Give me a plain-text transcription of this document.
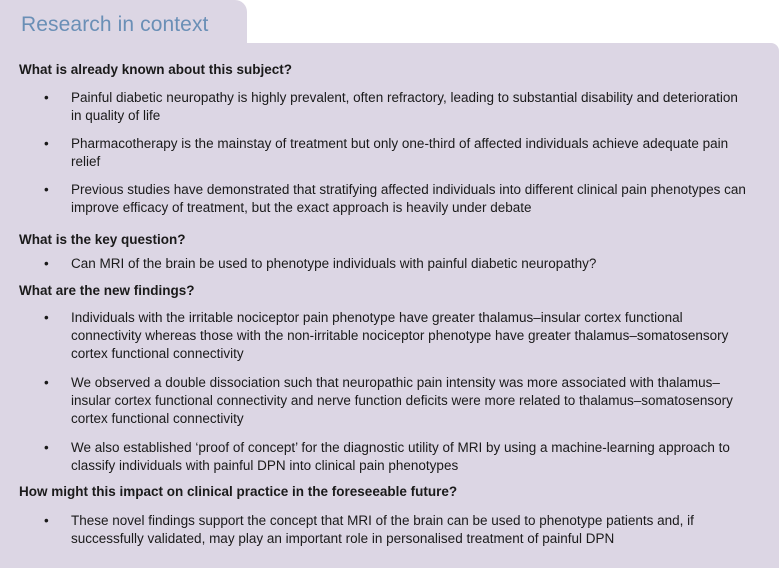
Research in context
What is already known about this subject?
• Painful diabetic neuropathy is highly prevalent, often refractory, leading to substantial disability and deterioration
in quality of life
• Pharmacotherapy is the mainstay of treatment but only one-third of affected individuals achieve adequate pain
relief
• Previous studies have demonstrated that stratifying affected individuals into different clinical pain phenotypes can
improve efficacy of treatment, but the exact approach is heavily under debate
What is the key question?
• Can MRI of the brain be used to phenotype individuals with painful diabetic neuropathy?
What are the new findings?
• Individuals with the irritable nociceptor pain phenotype have greater thalamus–insular cortex functional
connectivity whereas those with the non-irritable nociceptor phenotype have greater thalamus–somatosensory
cortex functional connectivity
• We observed a double dissociation such that neuropathic pain intensity was more associated with thalamus–
insular cortex functional connectivity and nerve function deficits were more related to thalamus–somatosensory
cortex functional connectivity
• We also established ‘proof of concept’ for the diagnostic utility of MRI by using a machine-learning approach to
classify individuals with painful DPN into clinical pain phenotypes
How might this impact on clinical practice in the foreseeable future?
• These novel findings support the concept that MRI of the brain can be used to phenotype patients and, if
successfully validated, may play an important role in personalised treatment of painful DPN
